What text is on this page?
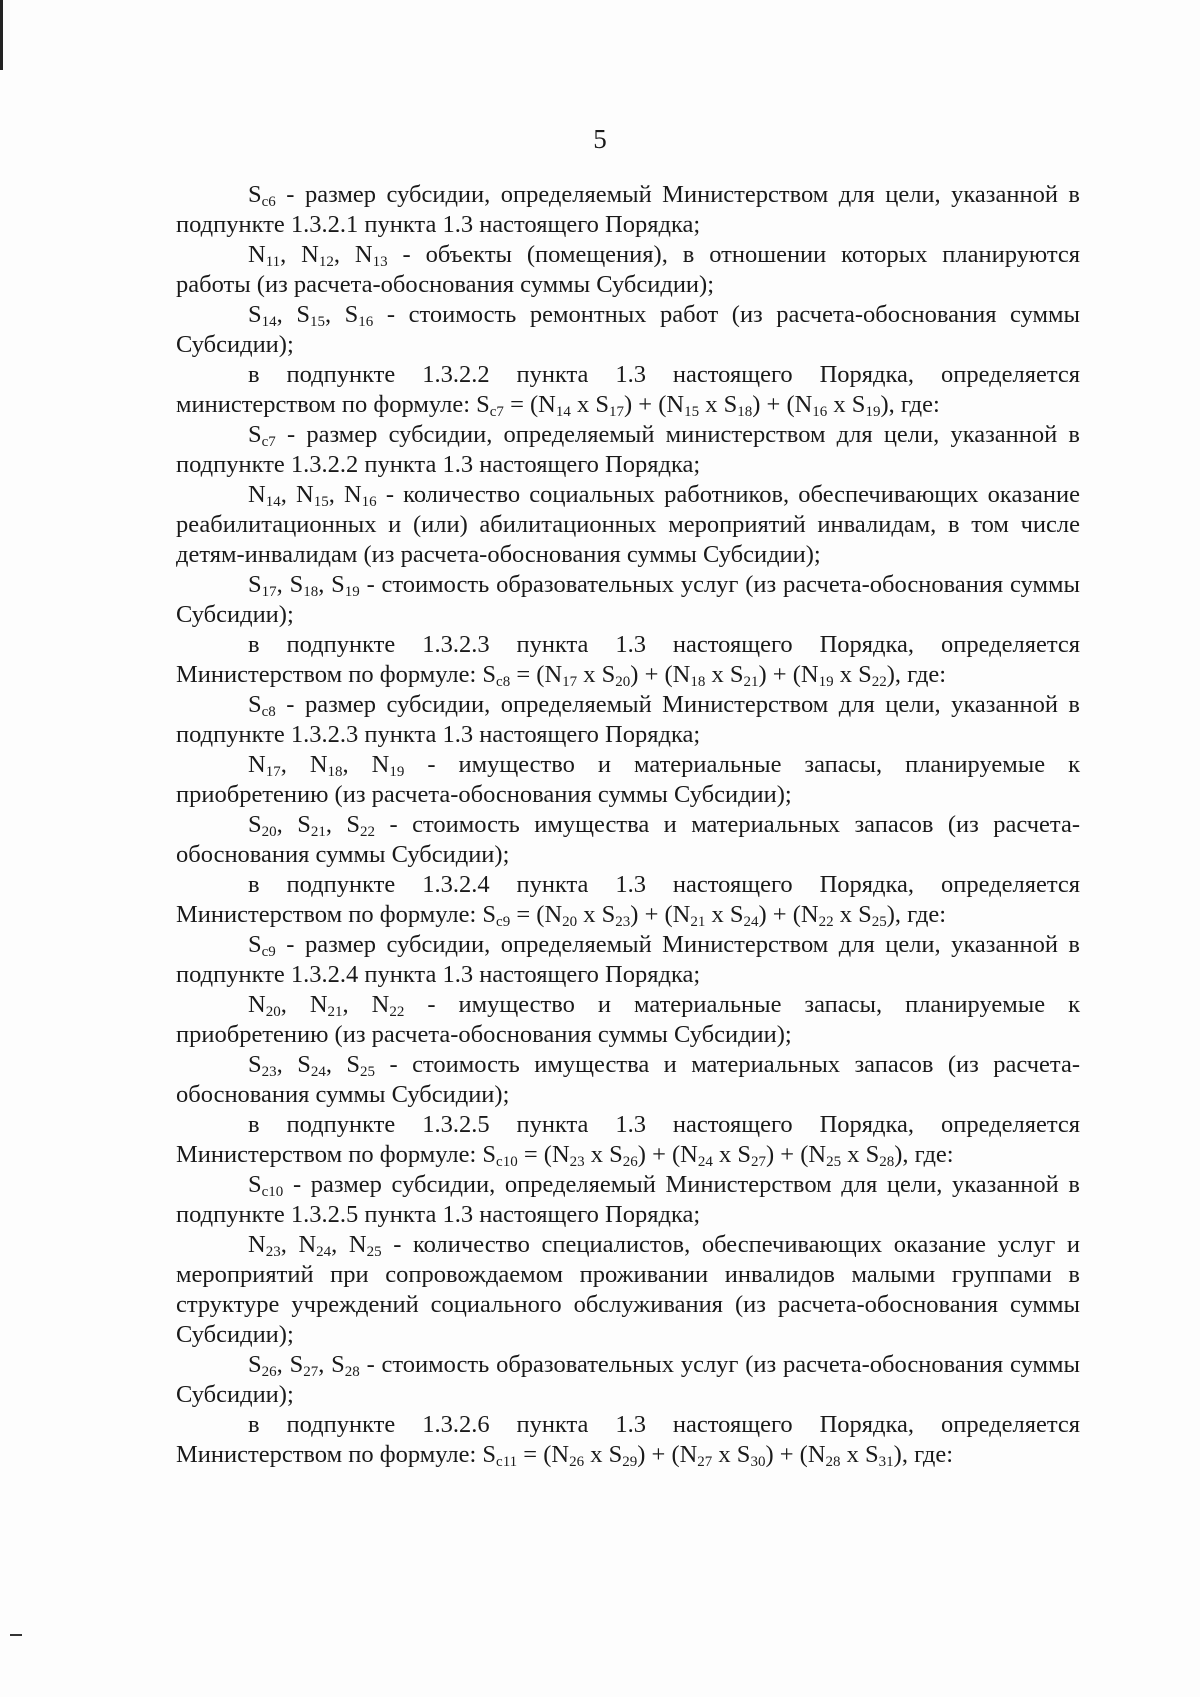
5

$S_{c6}$ - размер субсидии, определяемый Министерством для цели, указанной в подпункте 1.3.2.1 пункта 1.3 настоящего Порядка;

$N_{11}$, $N_{12}$, $N_{13}$ - объекты (помещения), в отношении которых планируются работы (из расчета-обоснования суммы Субсидии);

$S_{14}$, $S_{15}$, $S_{16}$ - стоимость ремонтных работ (из расчета-обоснования суммы Субсидии);

в подпункте 1.3.2.2 пункта 1.3 настоящего Порядка, определяется министерством по формуле: $S_{c7} = (N_{14}$ x $S_{17}) + (N_{15}$ x $S_{18}) + (N_{16}$ x $S_{19}$), где:

$S_{c7}$ - размер субсидии, определяемый министерством для цели, указанной в подпункте 1.3.2.2 пункта 1.3 настоящего Порядка;

$N_{14}$, $N_{15}$, $N_{16}$ - количество социальных работников, обеспечивающих оказание реабилитационных и (или) абилитационных мероприятий инвалидам, в том числе детям-инвалидам (из расчета-обоснования суммы Субсидии);

$S_{17}$, $S_{18}$, $S_{19}$ - стоимость образовательных услуг (из расчета-обоснования суммы Субсидии);

в подпункте 1.3.2.3 пункта 1.3 настоящего Порядка, определяется Министерством по формуле: $S_{c8} = (N_{17}$ x $S_{20}) + (N_{18}$ x $S_{21}) + (N_{19}$ x $S_{22}$), где:

$S_{c8}$ - размер субсидии, определяемый Министерством для цели, указанной в подпункте 1.3.2.3 пункта 1.3 настоящего Порядка;

$N_{17}$, $N_{18}$, $N_{19}$ - имущество и материальные запасы, планируемые к приобретению (из расчета-обоснования суммы Субсидии);

$S_{20}$, $S_{21}$, $S_{22}$ - стоимость имущества и материальных запасов (из расчета-обоснования суммы Субсидии);

в подпункте 1.3.2.4 пункта 1.3 настоящего Порядка, определяется Министерством по формуле: $S_{c9} = (N_{20}$ x $S_{23}) + (N_{21}$ x $S_{24}) + (N_{22}$ x $S_{25}$), где:

$S_{c9}$ - размер субсидии, определяемый Министерством для цели, указанной в подпункте 1.3.2.4 пункта 1.3 настоящего Порядка;

$N_{20}$, $N_{21}$, $N_{22}$ - имущество и материальные запасы, планируемые к приобретению (из расчета-обоснования суммы Субсидии);

$S_{23}$, $S_{24}$, $S_{25}$ - стоимость имущества и материальных запасов (из расчета-обоснования суммы Субсидии);

в подпункте 1.3.2.5 пункта 1.3 настоящего Порядка, определяется Министерством по формуле: $S_{c10} = (N_{23}$ x $S_{26}) + (N_{24}$ x $S_{27}) + (N_{25}$ x $S_{28}$), где:

$S_{c10}$ - размер субсидии, определяемый Министерством для цели, указанной в подпункте 1.3.2.5 пункта 1.3 настоящего Порядка;

$N_{23}$, $N_{24}$, $N_{25}$ - количество специалистов, обеспечивающих оказание услуг и мероприятий при сопровождаемом проживании инвалидов малыми группами в структуре учреждений социального обслуживания (из расчета-обоснования суммы Субсидии);

$S_{26}$, $S_{27}$, $S_{28}$ - стоимость образовательных услуг (из расчета-обоснования суммы Субсидии);

в подпункте 1.3.2.6 пункта 1.3 настоящего Порядка, определяется Министерством по формуле: $S_{c11} = (N_{26}$ x $S_{29}) + (N_{27}$ x $S_{30}) + (N_{28}$ x $S_{31}$), где:
